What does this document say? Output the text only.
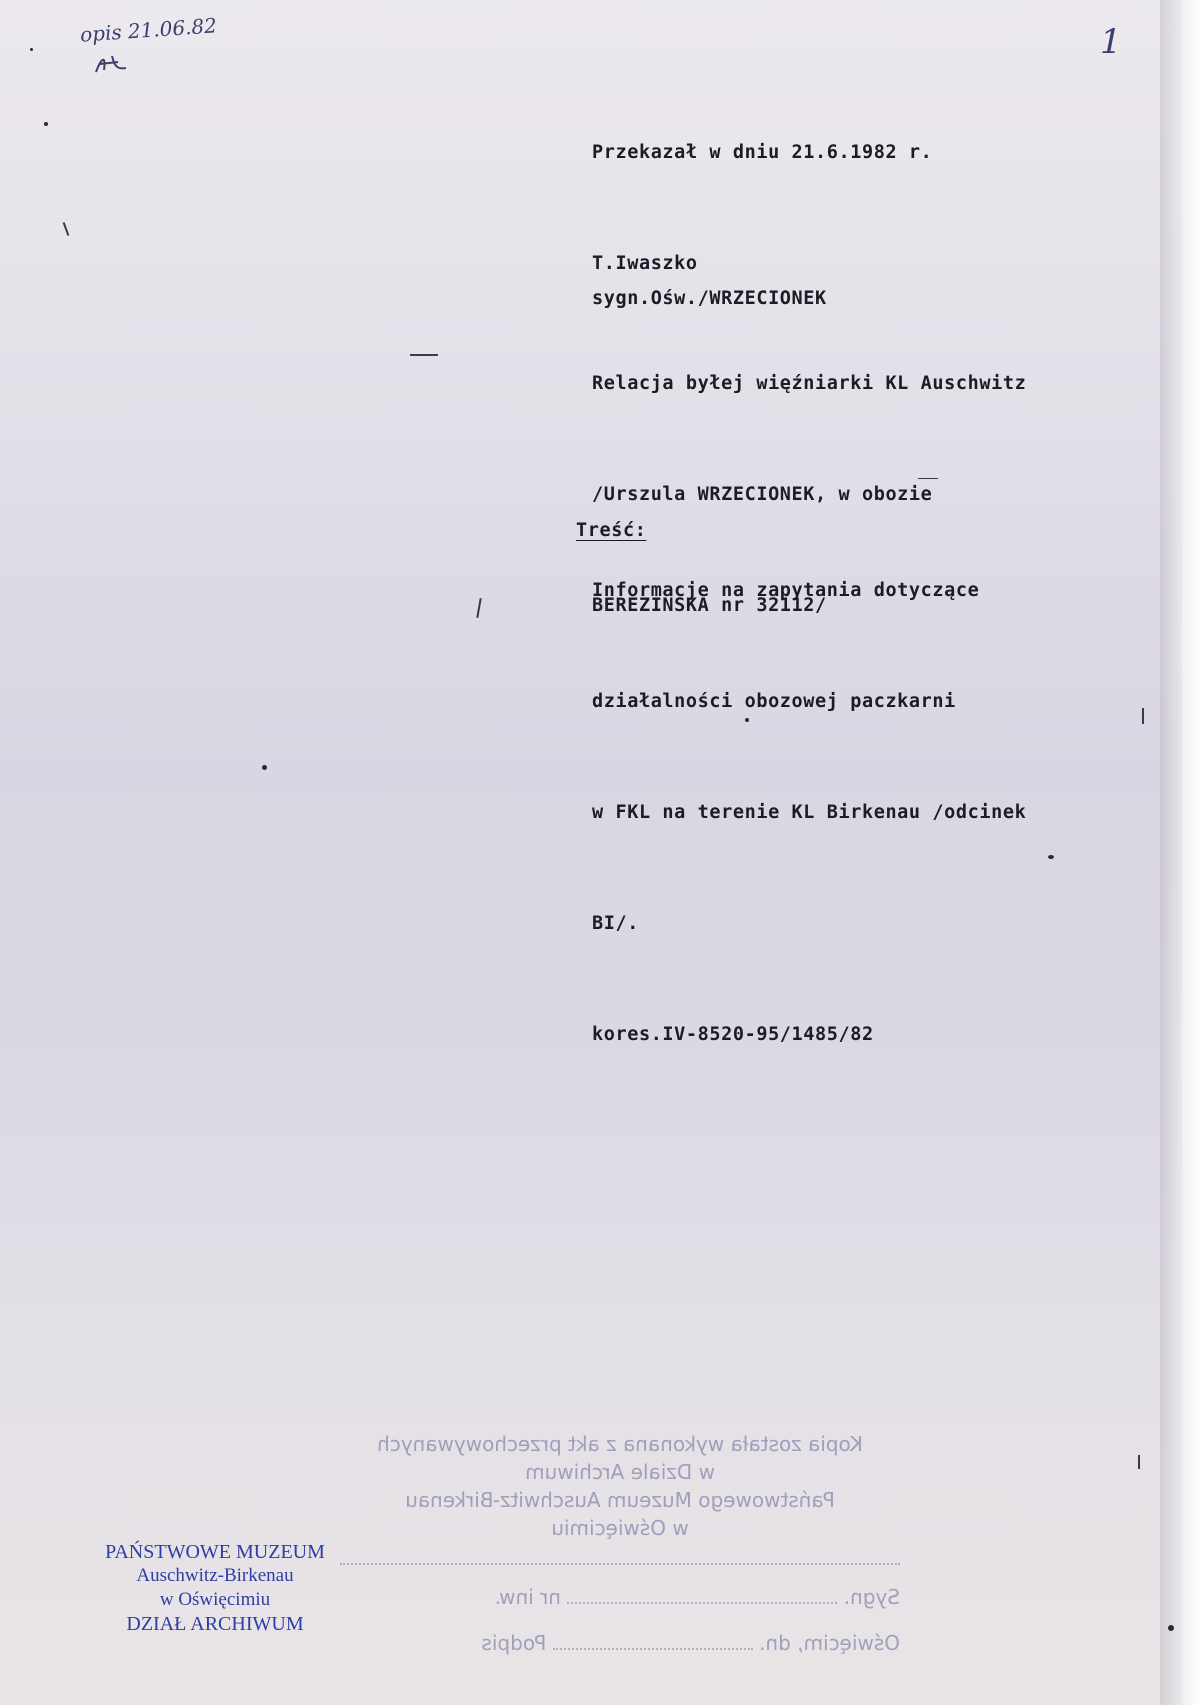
opis 21.06.82	1

Przekazał w dniu 21.6.1982 r.

T.Iwaszko

sygn.Ośw./WRZECIONEK

Relacja byłej więźniarki KL Auschwitz

/Urszula WRZECIONEK, w obozie

BEREZINSKA nr 32112/

Treść:

Informacje na zapytania dotyczące

działalności obozowej paczkarni

w FKL na terenie KL Birkenau /odcinek

BI/.

kores.IV-8520-95/1485/82

Kopia została wykonana z akt przechowywanych
w Dziale Archiwum
Państwowego Muzeum Auschwitz-Birkenau
w Oświęcimiu
Sygn.  nr inw.
Oświęcim, dn.  Podpis
PAŃSTWOWE MUZEUM
Auschwitz-Birkenau
w Oświęcimiu
DZIAŁ ARCHIWUM
